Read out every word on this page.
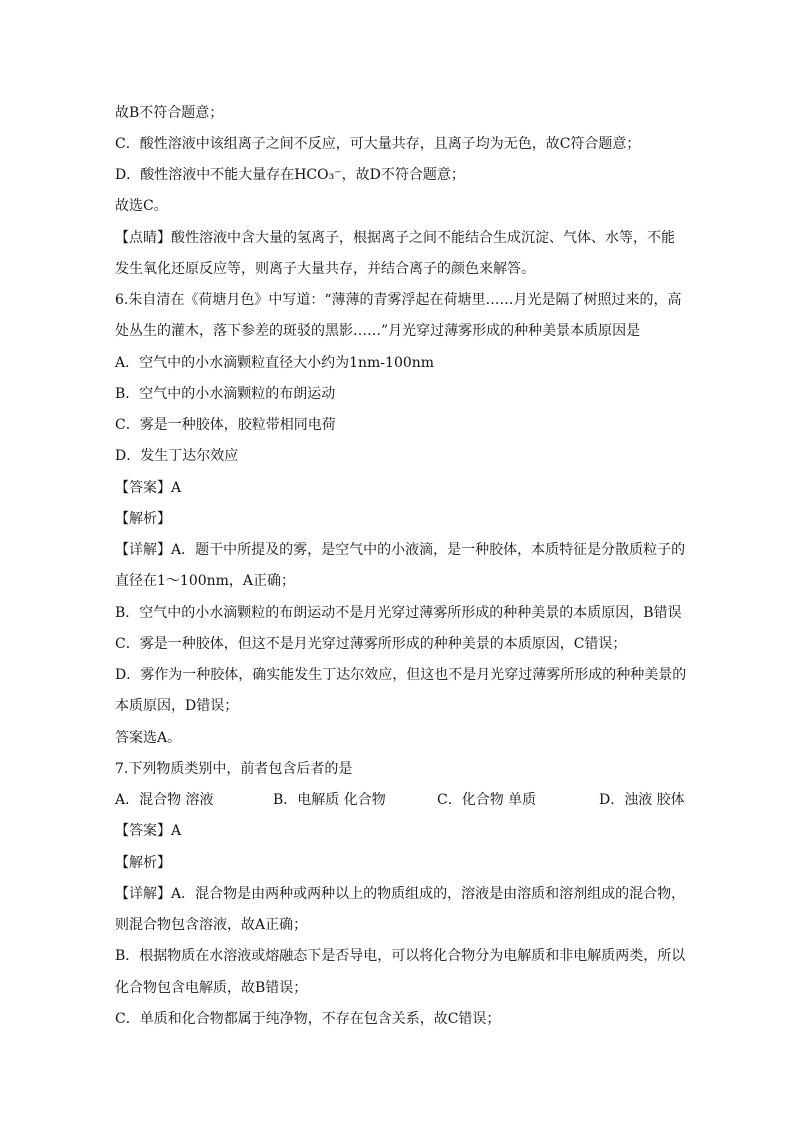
故B不符合题意；
C．酸性溶液中该组离子之间不反应，可大量共存，且离子均为无色，故C符合题意；
D．酸性溶液中不能大量存在HCO₃⁻，故D不符合题意；
故选C。
【点睛】酸性溶液中含大量的氢离子，根据离子之间不能结合生成沉淀、气体、水等，不能
发生氧化还原反应等，则离子大量共存，并结合离子的颜色来解答。
6.朱自清在《荷塘月色》中写道：“薄薄的青雾浮起在荷塘里……月光是隔了树照过来的，高
处丛生的灌木，落下参差的斑驳的黑影……”月光穿过薄雾形成的种种美景本质原因是
A．空气中的小水滴颗粒直径大小约为1nm-100nm
B．空气中的小水滴颗粒的布朗运动
C．雾是一种胶体，胶粒带相同电荷
D．发生丁达尔效应
【答案】A
【解析】
【详解】A．题干中所提及的雾，是空气中的小液滴，是一种胶体，本质特征是分散质粒子的
直径在1～100nm，A正确；
B．空气中的小水滴颗粒的布朗运动不是月光穿过薄雾所形成的种种美景的本质原因，B错误
C．雾是一种胶体，但这不是月光穿过薄雾所形成的种种美景的本质原因，C错误；
D．雾作为一种胶体，确实能发生丁达尔效应，但这也不是月光穿过薄雾所形成的种种美景的
本质原因，D错误；
答案选A。
7.下列物质类别中，前者包含后者的是
A．混合物 溶液	B．电解质 化合物	C．化合物 单质	D．浊液 胶体
【答案】A
【解析】
【详解】A．混合物是由两种或两种以上的物质组成的，溶液是由溶质和溶剂组成的混合物，
则混合物包含溶液，故A正确；
B．根据物质在水溶液或熔融态下是否导电，可以将化合物分为电解质和非电解质两类，所以
化合物包含电解质，故B错误；
C．单质和化合物都属于纯净物，不存在包含关系，故C错误；
